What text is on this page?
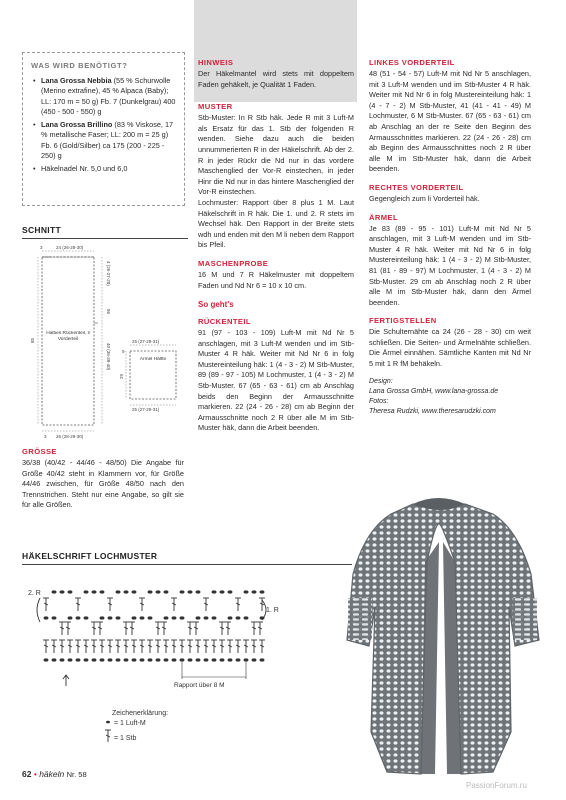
WAS WIRD BENÖTIGT?
• Lana Grossa Nebbia (55 % Schurwolle (Merino extrafine), 45 % Alpaca (Baby); LL: 170 m = 50 g) Fb. 7 (Dunkelgrau) 400 (450 - 500 - 550) g
• Lana Grossa Brillino (83 % Viskose, 17 % metallische Faser; LL: 200 m = 25 g) Fb. 6 (Gold/Silber) ca 175 (200 - 225 - 250) g
• Häkelnadel Nr. 5,0 und 6,0
SCHNITT
3	24 (26-28-30)
4 (26-27-28)
86
40 (36-38-40)
85
3 26 (28-29-30)
Halbes Rückenteil, li Vorderteil	25 (27-29-31)
25 (27-29-31)
29
9
Ärmel Hälfte
GRÖSSE

36/38 (40/42 - 44/46 - 48/50) Die Angabe für Größe 40/42 steht in Klammern vor, für Größe 44/46 zwischen, für Größe 48/50 nach den Trennstrichen. Steht nur eine Angabe, so gilt sie für alle Größen.

HINWEIS

Der Häkelmantel wird stets mit doppeltem Faden gehäkelt, je Qualität 1 Faden.

MUSTER

Stb-Muster: In R Stb häk. Jede R mit 3 Luft-M als Ersatz für das 1. Stb der folgenden R wenden. Siehe dazu auch die beiden unnummerierten R in der Häkelschrift. Ab der 2. R in jeder Rückr die Nd nur in das vordere Maschenglied der Vor-R einstechen, in jeder Hinr die Nd nur in das hintere Maschenglied der Vor-R einstechen.

Lochmuster: Rapport über 8 plus 1 M. Laut Häkelschrift in R häk. Die 1. und 2. R stets im Wechsel häk. Den Rapport in der Breite stets wdh und enden mit den M li neben dem Rapport bis Pfeil.

MASCHENPROBE

16 M und 7 R Häkelmuster mit doppeltem Faden und Nd Nr 6 = 10 x 10 cm.

So geht's
RÜCKENTEIL

91 (97 - 103 - 109) Luft-M mit Nd Nr 5 anschlagen, mit 3 Luft-M wenden und im Stb-Muster 4 R häk. Weiter mit Nd Nr 6 in folg Mustereinteilung häk: 1 (4 - 3 - 2) M Stb-Muster, 89 (89 - 97 - 105) M Lochmuster, 1 (4 - 3 - 2) M Stb-Muster. 67 (65 - 63 - 61) cm ab Anschlag beids den Beginn der Armausschnitte markieren. 22 (24 - 26 - 28) cm ab Beginn der Armausschnitte noch 2 R über alle M im Stb-Muster häk, dann die Arbeit beenden.

LINKES VORDERTEIL

48 (51 - 54 - 57) Luft-M mit Nd Nr 5 anschlagen, mit 3 Luft-M wenden und im Stb-Muster 4 R häk. Weiter mit Nd Nr 6 in folg Mustereinteilung häk: 1 (4 - 7 - 2) M Stb-Muster, 41 (41 - 41 - 49) M Lochmuster, 6 M Stb-Muster. 67 (65 - 63 - 61) cm ab Anschlag an der re Seite den Beginn des Armausschnittes markieren. 22 (24 - 26 - 28) cm ab Beginn des Armausschnittes noch 2 R über alle M im Stb-Muster häk, dann die Arbeit beenden.

RECHTES VORDERTEIL

Gegengleich zum li Vorderteil häk.

ÄRMEL

Je 83 (89 - 95 - 101) Luft-M mit Nd Nr 5 anschlagen, mit 3 Luft-M wenden und im Stb-Muster 4 R häk. Weiter mit Nd Nr 6 in folg Mustereinteilung häk: 1 (4 - 3 - 2) M Stb-Muster, 81 (81 - 89 - 97) M Lochmuster, 1 (4 - 3 - 2) M Stb-Muster. 29 cm ab Anschlag noch 2 R über alle M im Stb-Muster häk, dann den Ärmel beenden.

FERTIGSTELLEN

Die Schulternähte ca 24 (26 - 28 - 30) cm weit schließen. Die Seiten- und Ärmelnähte schließen. Die Ärmel einnähen. Sämtliche Kanten mit Nd Nr 5 mit 1 R fM behäkeln.

Design:
Lana Grossa GmbH, www.lana-grossa.de
Fotos:
Theresa Rudzki, www.theresarudzki.com
HÄKELSCHRIFT LOCHMUSTER
2. R
1. R
Rapport über 8 M
Zeichenerklärung:
= 1 Luft-M
= 1 Stb
62 • häkeln Nr. 58
PassionForum.ru
